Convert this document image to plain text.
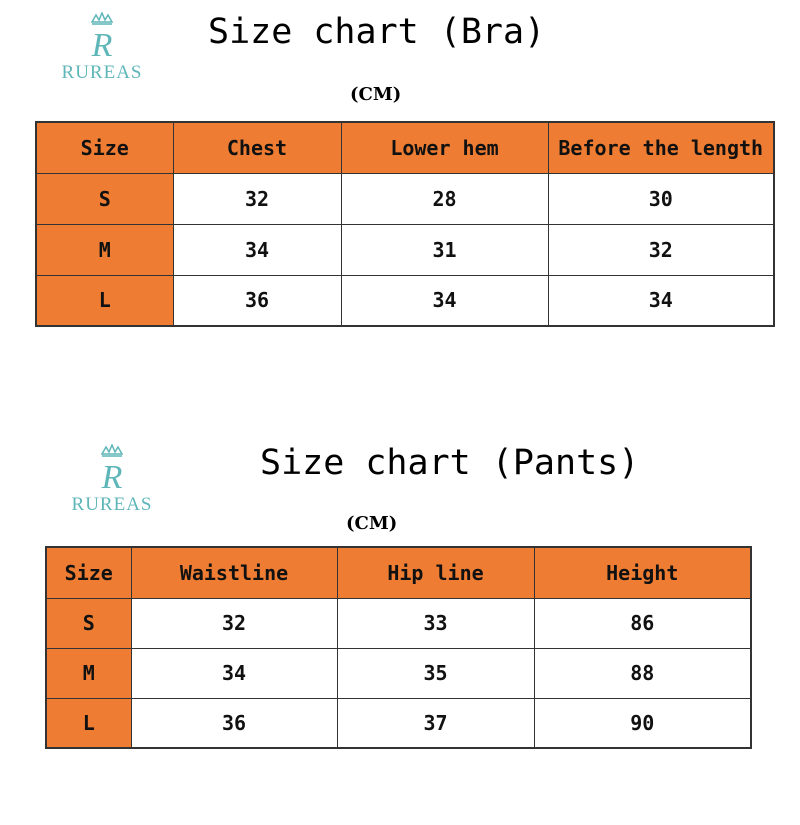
R
RUREAS
Size chart (Bra)
(CM)
Size	Chest	Lower hem	Before the length
S	32	28	30
M	34	31	32
L	36	34	34
R
RUREAS
Size chart (Pants)
(CM)
Size	Waistline	Hip line	Height
S	32	33	86
M	34	35	88
L	36	37	90
